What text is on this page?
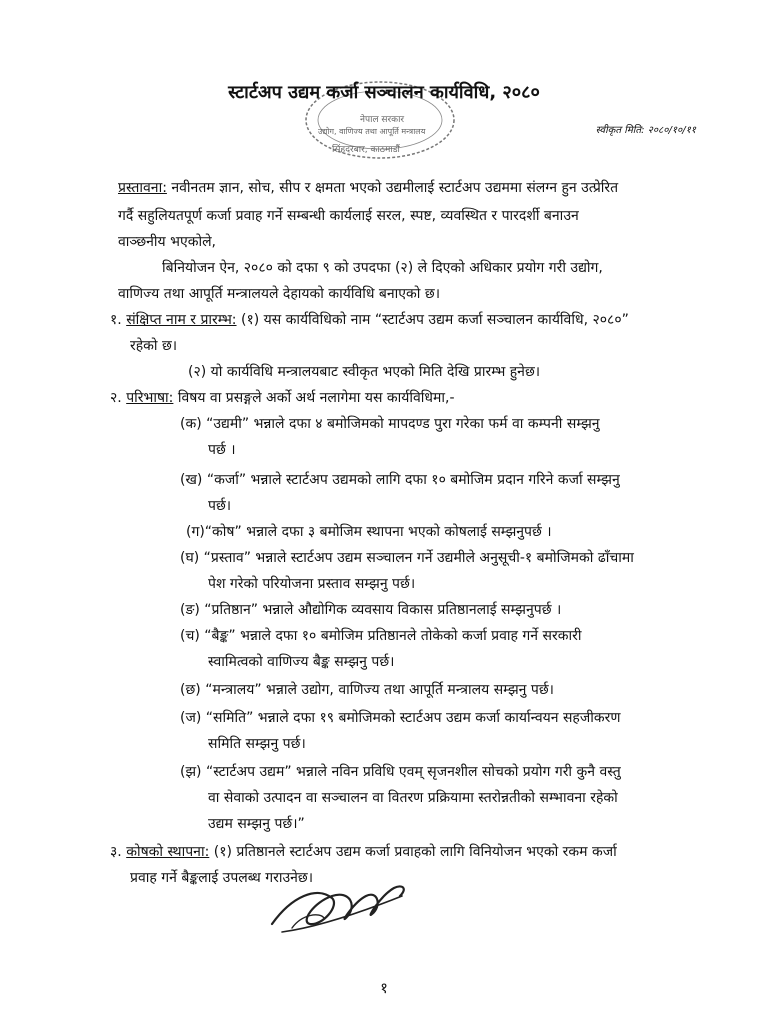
नेपाल सरकार
उद्योग, वाणिज्य तथा आपूर्ति मन्त्रालय
सिंहदरबार, काठमाडौं
स्टार्टअप उद्यम कर्जा सञ्चालन कार्यविधि, २०८०
स्वीकृत मिति: २०८०/१०/११
प्रस्तावना: नवीनतम ज्ञान, सोच, सीप र क्षमता भएको उद्यमीलाई स्टार्टअप उद्यममा संलग्न हुन उत्प्रेरित
गर्दै सहुलियतपूर्ण कर्जा प्रवाह गर्ने सम्बन्धी कार्यलाई सरल, स्पष्ट, व्यवस्थित र पारदर्शी बनाउन
वाञ्छनीय भएकोले,
बिनियोजन ऐन, २०८० को दफा ९ को उपदफा (२) ले दिएको अधिकार प्रयोग गरी उद्योग,
वाणिज्य तथा आपूर्ति मन्त्रालयले देहायको कार्यविधि बनाएको छ।
१. संक्षिप्त नाम र प्रारम्भ: (१) यस कार्यविधिको नाम “स्टार्टअप उद्यम कर्जा सञ्चालन कार्यविधि, २०८०”
रहेको छ।
(२) यो कार्यविधि मन्त्रालयबाट स्वीकृत भएको मिति देखि प्रारम्भ हुनेछ।
२. परिभाषा: विषय वा प्रसङ्गले अर्को अर्थ नलागेमा यस कार्यविधिमा,-
(क) “उद्यमी” भन्नाले दफा ४ बमोजिमको मापदण्ड पुरा गरेका फर्म वा कम्पनी सम्झनु
पर्छ ।
(ख) “कर्जा” भन्नाले स्टार्टअप उद्यमको लागि दफा १० बमोजिम प्रदान गरिने कर्जा सम्झनु
पर्छ।
(ग)“कोष” भन्नाले दफा ३ बमोजिम स्थापना भएको कोषलाई सम्झनुपर्छ ।
(घ) “प्रस्ताव” भन्नाले स्टार्टअप उद्यम सञ्चालन गर्ने उद्यमीले अनुसूची-१ बमोजिमको ढाँचामा
पेश गरेको परियोजना प्रस्ताव सम्झनु पर्छ।
(ङ) “प्रतिष्ठान” भन्नाले औद्योगिक व्यवसाय विकास प्रतिष्ठानलाई सम्झनुपर्छ ।
(च) “बैङ्क” भन्नाले दफा १० बमोजिम प्रतिष्ठानले तोकेको कर्जा प्रवाह गर्ने सरकारी
स्वामित्वको वाणिज्य बैङ्क सम्झनु पर्छ।
(छ) “मन्त्रालय” भन्नाले उद्योग, वाणिज्य तथा आपूर्ति मन्त्रालय सम्झनु पर्छ।
(ज) “समिति” भन्नाले दफा १९ बमोजिमको स्टार्टअप उद्यम कर्जा कार्यान्वयन सहजीकरण
समिति सम्झनु पर्छ।
(झ) “स्टार्टअप उद्यम” भन्नाले नविन प्रविधि एवम् सृजनशील सोचको प्रयोग गरी कुनै वस्तु
वा सेवाको उत्पादन वा सञ्चालन वा वितरण प्रक्रियामा स्तरोन्नतीको सम्भावना रहेको
उद्यम सम्झनु पर्छ।”
३. कोषको स्थापना: (१) प्रतिष्ठानले स्टार्टअप उद्यम कर्जा प्रवाहको लागि विनियोजन भएको रकम कर्जा
प्रवाह गर्ने बैङ्कलाई उपलब्ध गराउनेछ।
१
